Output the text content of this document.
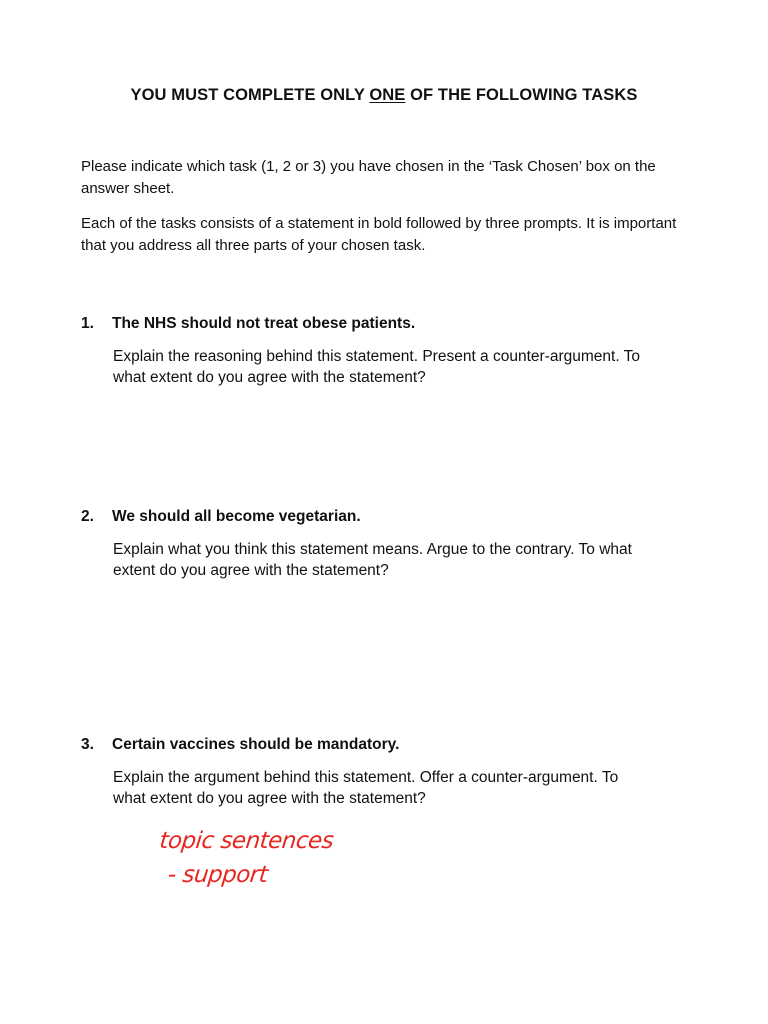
YOU MUST COMPLETE ONLY ONE OF THE FOLLOWING TASKS

Please indicate which task (1, 2 or 3) you have chosen in the ‘Task Chosen’ box on the answer sheet.

Each of the tasks consists of a statement in bold followed by three prompts. It is important that you address all three parts of your chosen task.

1.	The NHS should not treat obese patients.

Explain the reasoning behind this statement. Present a counter-argument. To what extent do you agree with the statement?

2.	We should all become vegetarian.

Explain what you think this statement means. Argue to the contrary. To what extent do you agree with the statement?

3.	Certain vaccines should be mandatory.

Explain the argument behind this statement. Offer a counter-argument. To what extent do you agree with the statement?

topic sentences
- support
